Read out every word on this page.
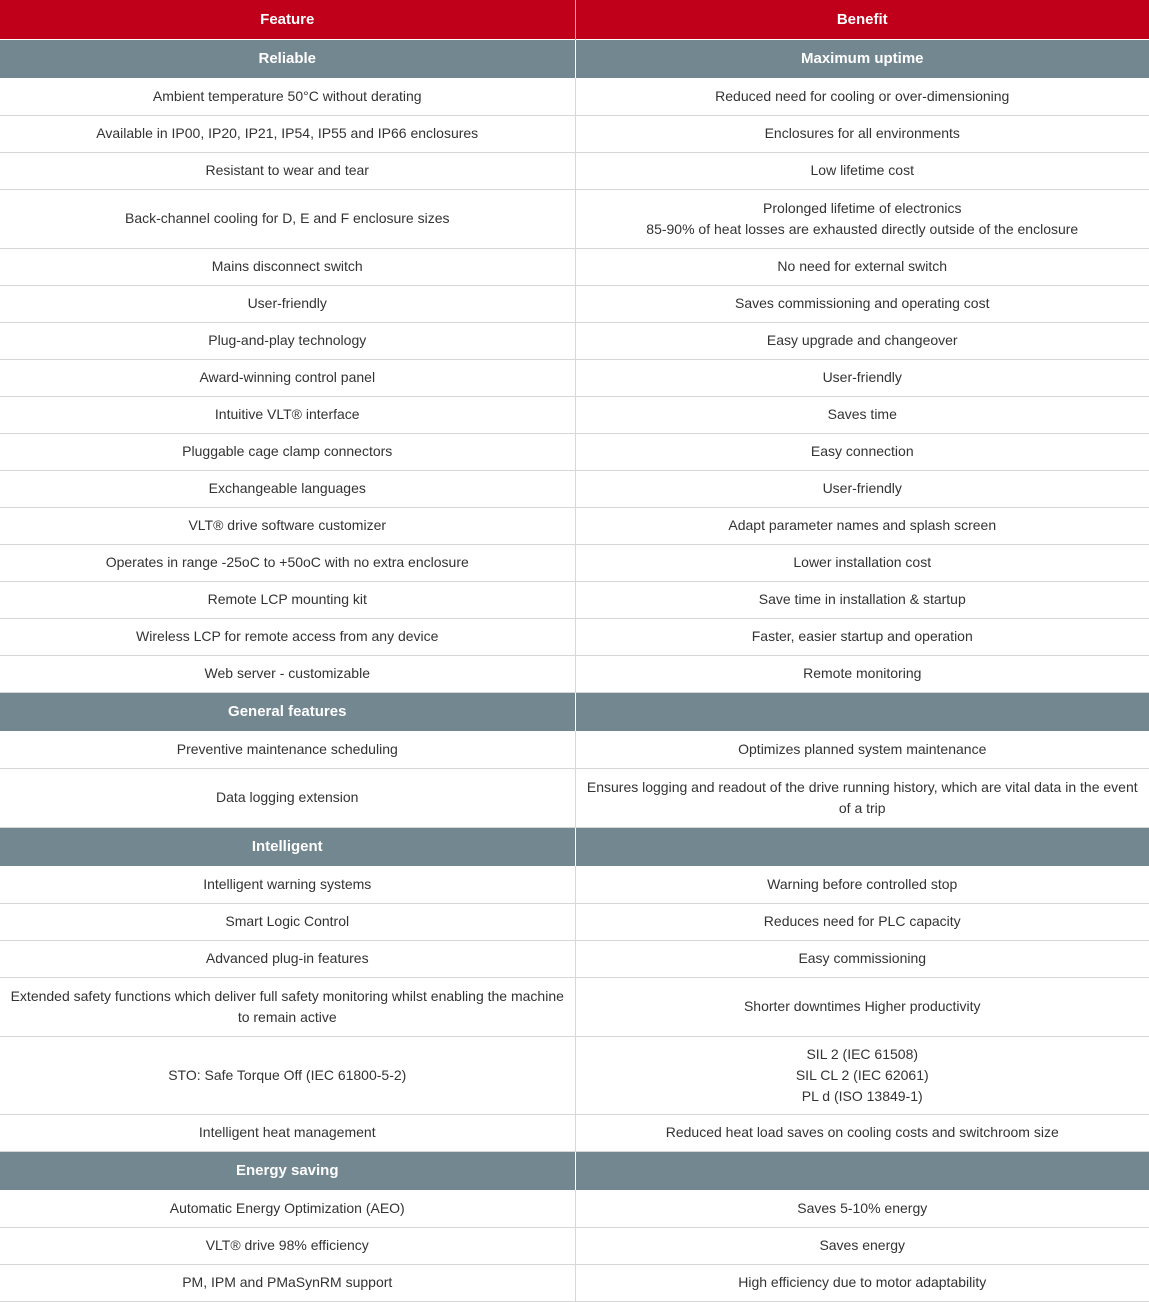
Feature	Benefit
Reliable	Maximum uptime

Ambient temperature 50°C without derating	Reduced need for cooling or over-dimensioning

Available in IP00, IP20, IP21, IP54, IP55 and IP66 enclosures	Enclosures for all environments

Resistant to wear and tear	Low lifetime cost

Back-channel cooling for D, E and F enclosure sizes	Prolonged lifetime of electronics
85-90% of heat losses are exhausted directly outside of the enclosure

Mains disconnect switch	No need for external switch

User-friendly	Saves commissioning and operating cost

Plug-and-play technology	Easy upgrade and changeover

Award-winning control panel	User-friendly

Intuitive VLT® interface	Saves time

Pluggable cage clamp connectors	Easy connection

Exchangeable languages	User-friendly

VLT® drive software customizer	Adapt parameter names and splash screen

Operates in range -25oC to +50oC with no extra enclosure	Lower installation cost

Remote LCP mounting kit	Save time in installation & startup

Wireless LCP for remote access from any device	Faster, easier startup and operation

Web server - customizable	Remote monitoring

General features	

Preventive maintenance scheduling	Optimizes planned system maintenance

Data logging extension	Ensures logging and readout of the drive running history, which are vital data in the event of a trip

Intelligent	

Intelligent warning systems	Warning before controlled stop

Smart Logic Control	Reduces need for PLC capacity

Advanced plug-in features	Easy commissioning

Extended safety functions which deliver full safety monitoring whilst enabling the machine to remain active	Shorter downtimes Higher productivity

STO: Safe Torque Off (IEC 61800-5-2)	SIL 2 (IEC 61508)
SIL CL 2 (IEC 62061)
PL d (ISO 13849-1)

Intelligent heat management	Reduced heat load saves on cooling costs and switchroom size

Energy saving	

Automatic Energy Optimization (AEO)	Saves 5-10% energy

VLT® drive 98% efficiency	Saves energy

PM, IPM and PMaSynRM support	High efficiency due to motor adaptability
